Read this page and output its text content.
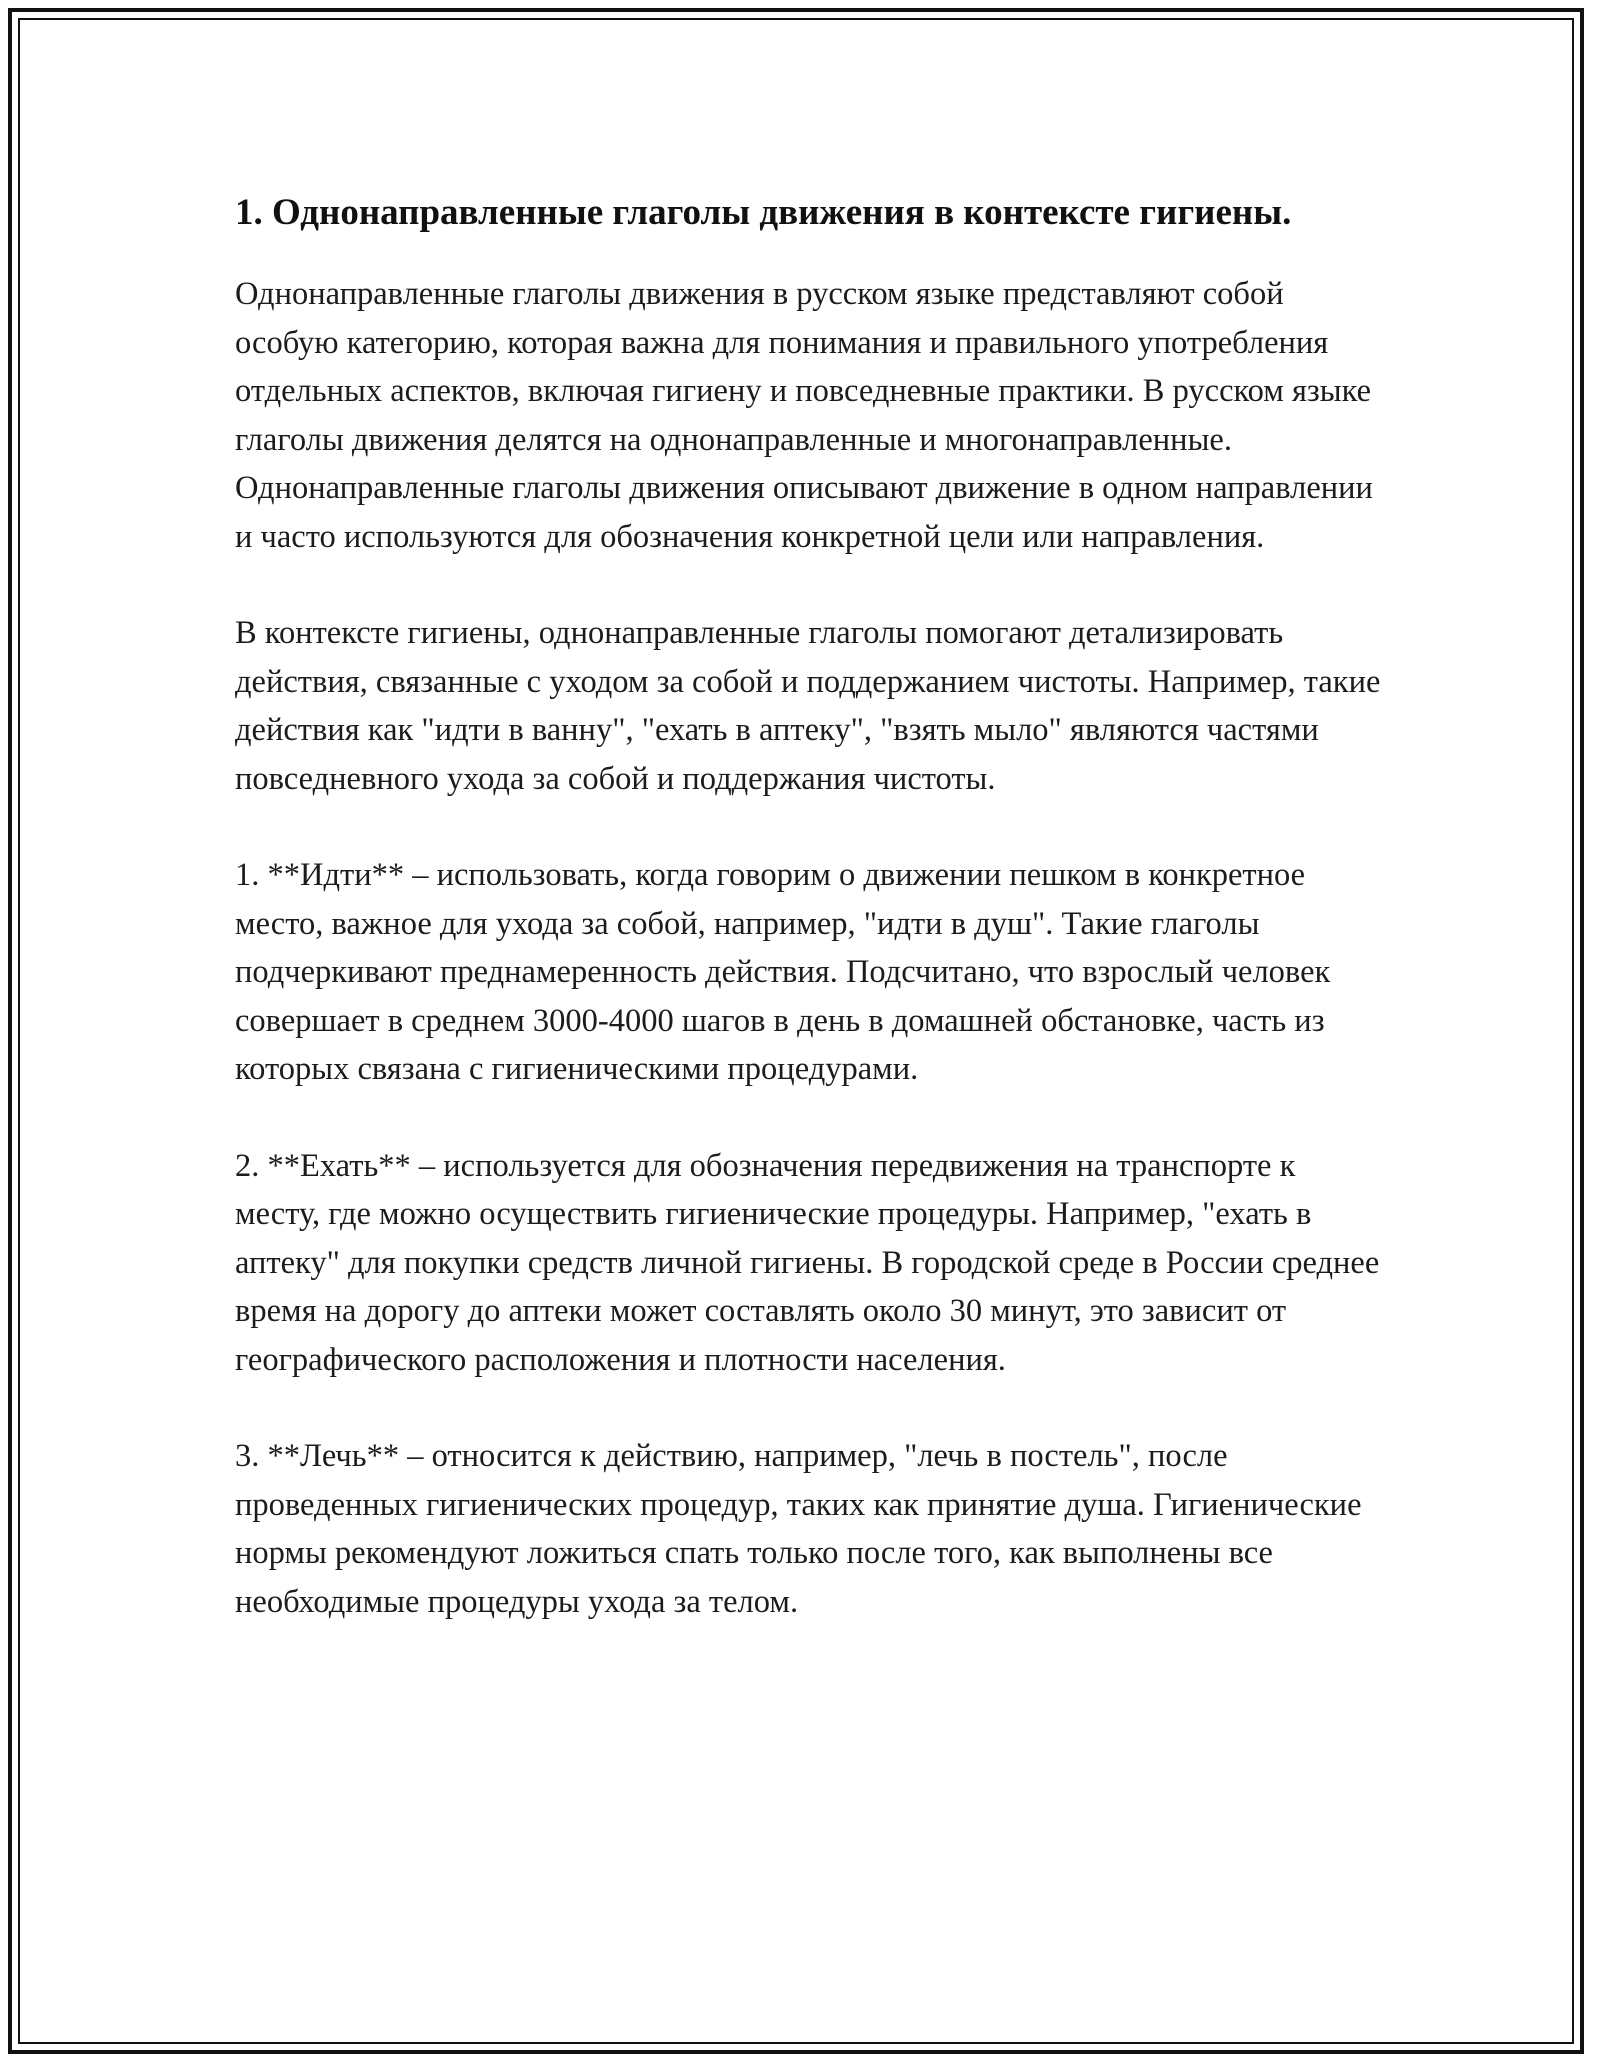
1. Однонаправленные глаголы движения в контексте гигиены.

Однонаправленные глаголы движения в русском языке представляют собой особую категорию, которая важна для понимания и правильного употребления отдельных аспектов, включая гигиену и повседневные практики. В русском языке глаголы движения делятся на однонаправленные и многонаправленные. Однонаправленные глаголы движения описывают движение в одном направлении и часто используются для обозначения конкретной цели или направления.

В контексте гигиены, однонаправленные глаголы помогают детализировать действия, связанные с уходом за собой и поддержанием чистоты. Например, такие действия как "идти в ванну", "ехать в аптеку", "взять мыло" являются частями повседневного ухода за собой и поддержания чистоты.

1. **Идти** – использовать, когда говорим о движении пешком в конкретное место, важное для ухода за собой, например, "идти в душ". Такие глаголы подчеркивают преднамеренность действия. Подсчитано, что взрослый человек совершает в среднем 3000-4000 шагов в день в домашней обстановке, часть из которых связана с гигиеническими процедурами.

2. **Ехать** – используется для обозначения передвижения на транспорте к месту, где можно осуществить гигиенические процедуры. Например, "ехать в аптеку" для покупки средств личной гигиены. В городской среде в России среднее время на дорогу до аптеки может составлять около 30 минут, это зависит от географического расположения и плотности населения.

3. **Лечь** – относится к действию, например, "лечь в постель", после проведенных гигиенических процедур, таких как принятие душа. Гигиенические нормы рекомендуют ложиться спать только после того, как выполнены все необходимые процедуры ухода за телом.
